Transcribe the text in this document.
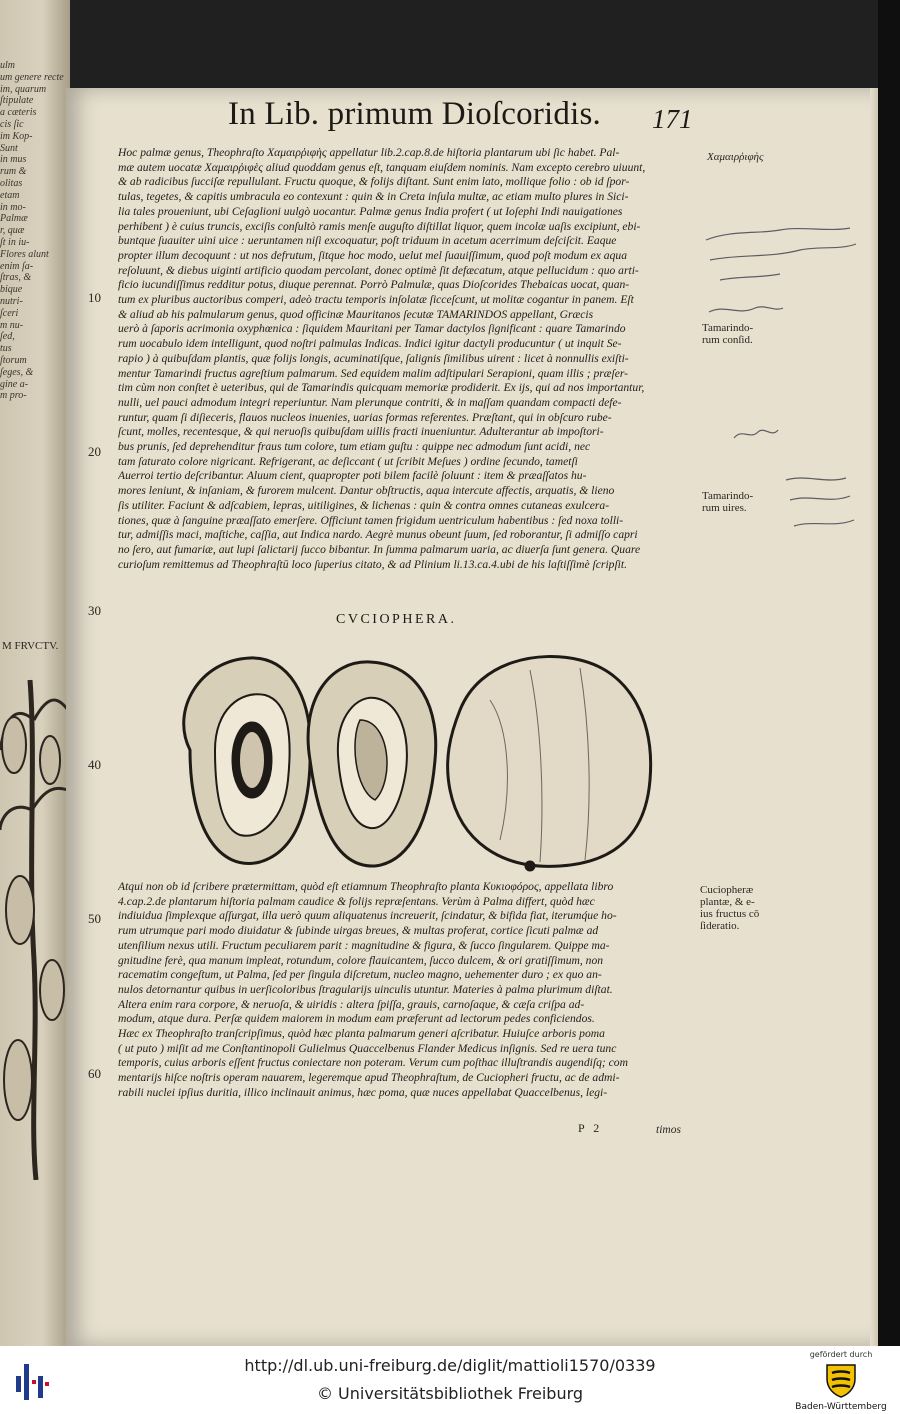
ulm
um genere recte
im, quarum
ſtipulate
a cæteris
cis ſic
im Kop-
Sunt
in mus
rum &
olitas
etam
in mo-
Palmæ
r, quæ
ſt in iu-
Flores alunt
enim ſa-
ſtras, &
bique
nutri-
ſceri
m nu-
ſed,
tus
ſtorum
ſeges, &
gine a-
m pro-
M FRVCTV.
In Lib. primum Dioſcoridis. 171
Hoc palmæ genus, Theophraſto Χαμαιρῥιφὴς appellatur lib.2.cap.8.de hiſtoria plantarum ubi ſic habet. Pal-
mæ autem uocatæ Χαμαιρῥιφὲς aliud quoddam genus eſt, tanquam eiuſdem nominis. Nam excepto cerebro uiuunt,
& ab radicibus ſucciſæ repullulant. Fructu quoque, & folijs diſtant. Sunt enim lato, mollique folio : ob id ſpor-
tulas, tegetes, & capitis umbracula eo contexunt : quin & in Creta inſula multæ, ac etiam multo plures in Sici-
lia tales proueniunt, ubi Ceſaglioni uulgò uocantur. Palmæ genus India profert ( ut Ioſephi Indi nauigationes
perhibent ) è cuius truncis, exciſis conſultò ramis menſe auguſto diſtillat liquor, quem incolæ uaſis excipiunt, ebi-
buntque ſuauiter uini uice : ueruntamen niſi excoquatur, poſt triduum in acetum acerrimum deſciſcit. Eaque
propter illum decoquunt : ut nos defrutum, ſitque hoc modo, uelut mel ſuauiſſimum, quod poſt modum ex aqua
reſoluunt, & diebus uiginti artificio quodam percolant, donec optimè ſit defæcatum, atque pellucidum : quo arti-
ficio iucundiſſimus redditur potus, diuque perennat. Porrò Palmulæ, quas Dioſcorides Thebaicas uocat, quan-
tum ex pluribus auctoribus comperi, adeò tractu temporis inſolatæ ſicceſcunt, ut molitæ cogantur in panem. Eſt
& aliud ab his palmularum genus, quod officinæ Mauritanos ſecutæ TAMARINDOS appellant, Græcis
uerò à ſaporis acrimonia oxyphœnica : ſiquidem Mauritani per Tamar dactylos ſignificant : quare Tamarindo
rum uocabulo idem intelligunt, quod noſtri palmulas Indicas. Indici igitur dactyli producuntur ( ut inquit Se-
rapio ) à quibuſdam plantis, quæ folijs longis, acuminatiſque, ſalignis ſimilibus uirent : licet à nonnullis exiſti-
mentur Tamarindi fructus agreſtium palmarum. Sed equidem malim adſtipulari Serapioni, quam illis ; præſer-
tim cùm non conſtet è ueteribus, qui de Tamarindis quicquam memoriæ prodiderit. Ex ijs, qui ad nos importantur,
nulli, uel pauci admodum integri reperiuntur. Nam plerunque contriti, & in maſſam quandam compacti defe-
runtur, quam ſi diſieceris, flauos nucleos inuenies, uarias formas referentes. Præſtant, qui in obſcuro rube-
ſcunt, molles, recentesque, & qui neruoſis quibuſdam uillis fracti inueniuntur. Adulterantur ab impoſtori-
bus prunis, ſed deprehenditur fraus tum colore, tum etiam guſtu : quippe nec admodum ſunt acidi, nec
tam ſaturato colore nigricant. Refrigerant, ac deſiccant ( ut ſcribit Meſues ) ordine ſecundo, tametſi
Auerroi tertio deſcribantur. Aluum cient, quapropter poti bilem facilè ſoluunt : item & præaſſatos hu-
mores leniunt, & inſaniam, & furorem mulcent. Dantur obſtructis, aqua intercute affectis, arquatis, & lieno
ſis utiliter. Faciunt & adſcabiem, lepras, uitiligines, & lichenas : quin & contra omnes cutaneas exulcera-
tiones, quæ à ſanguine præaſſato emerſere. Officiunt tamen frigidum uentriculum habentibus : ſed noxa tolli-
tur, admiſſis maci, maſtiche, caſſia, aut Indica nardo. Aegrè munus obeunt ſuum, ſed roborantur, ſi admiſſo capri
no ſero, aut fumariæ, aut lupi ſalictarij ſucco bibantur. In ſumma palmarum uaria, ac diuerſa ſunt genera. Quare
curioſum remittemus ad Theophraſtū loco ſuperius citato, & ad Plinium li.13.ca.4.ubi de his laſtiſſimè ſcripſit.
10
20
30
40
50
60
Χαμαιρῥιφὴς
Tamarindo-
rum conſid.
Tamarindo-
rum uires.
Cuciopheræ
plantæ, & e-
ius fructus cō
ſideratio.
CVCIOPHERA.
Atqui non ob id ſcribere prætermittam, quòd eſt etiamnum Theophraſto planta Κυκιοφόρος, appellata libro
4.cap.2.de plantarum hiſtoria palmam caudice & folijs repræſentans. Verùm à Palma differt, quòd hæc
indiuidua ſimplexque aſſurgat, illa uerò quum aliquatenus increuerit, ſcindatur, & bifida fiat, iterumq́ue ho-
rum utrumque pari modo diuidatur & ſubinde uirgas breues, & multas proferat, cortice ſicuti palmæ ad
utenſilium nexus utili. Fructum peculiarem parit : magnitudine & figura, & ſucco ſingularem. Quippe ma-
gnitudine ferè, qua manum impleat, rotundum, colore flauicantem, ſucco dulcem, & ori gratiſſimum, non
racematim congeſtum, ut Palma, ſed per ſingula diſcretum, nucleo magno, uehementer duro ; ex quo an-
nulos detornantur quibus in uerſicoloribus ſtragularijs uinculis utuntur. Materies à palma plurimum diſtat.
Altera enim rara corpore, & neruoſa, & uiridis : altera ſpiſſa, grauis, carnoſaque, & cæſa criſpa ad-
modum, atque dura. Perſæ quidem maiorem in modum eam præferunt ad lectorum pedes conficiendos.
Hæc ex Theophraſto tranſcripſimus, quòd hæc planta palmarum generi aſcribatur. Huiuſce arboris poma
( ut puto ) miſit ad me Conſtantinopoli Gulielmus Quaccelbenus Flander Medicus inſignis. Sed re uera tunc
temporis, cuius arboris eſſent fructus coniectare non poteram. Verum cum poſthac illuſtrandis augendiſq; com
mentarijs hiſce noſtris operam nauarem, legeremque apud Theophraſtum, de Cuciopheri fructu, ac de admi-
rabili nuclei ipſius duritia, illico inclinauit animus, hæc poma, quæ nuces appellabat Quaccelbenus, legi-
P 2	timos
http://dl.ub.uni-freiburg.de/diglit/mattioli1570/0339
© Universitätsbibliothek Freiburg
gefördert durch
Baden-Württemberg
